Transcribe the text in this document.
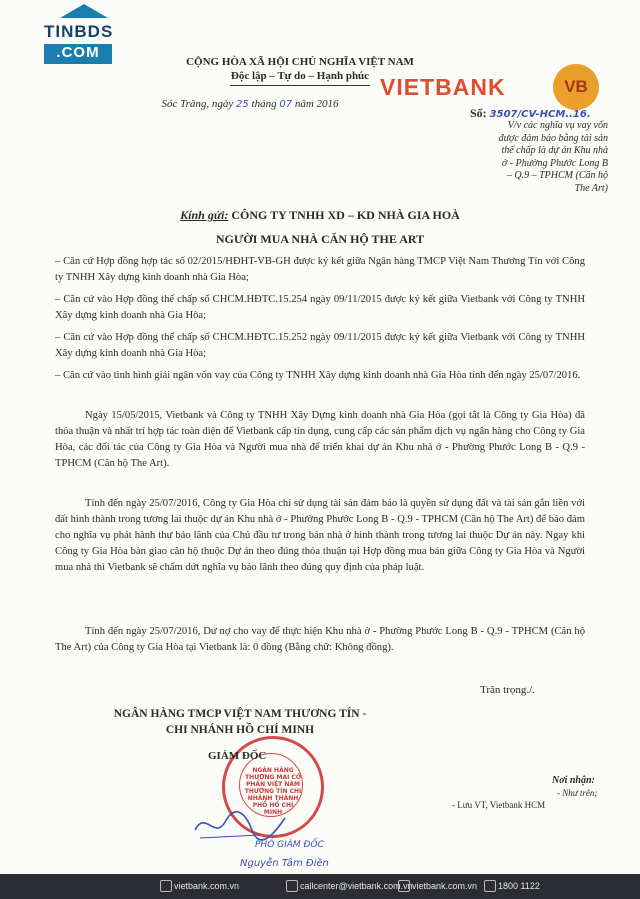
TINBDS
.COM
CỘNG HÒA XÃ HỘI CHỦ NGHĨA VIỆT NAM
Độc lập – Tự do – Hạnh phúc
Sóc Trăng, ngày 25 tháng 07 năm 2016
VIETBANK	VB
Số: 3507/CV-HCM..16.
V/v các nghĩa vụ vay vốn
được đảm bảo bằng tài sản
thế chấp là dự án Khu nhà
ở - Phường Phước Long B
– Q.9 – TPHCM (Căn hộ
The Art)
Kính gửi: CÔNG TY TNHH XD – KD NHÀ GIA HOÀ
NGƯỜI MUA NHÀ CĂN HỘ THE ART
– Căn cứ Hợp đồng hợp tác số 02/2015/HĐHT-VB-GH được ký kết giữa Ngân hàng TMCP Việt Nam Thương Tín với Công ty TNHH Xây dựng kinh doanh nhà Gia Hòa;
– Căn cứ vào Hợp đồng thế chấp số CHCM.HĐTC.15.254 ngày 09/11/2015 được ký kết giữa Vietbank với Công ty TNHH Xây dựng kinh doanh nhà Gia Hòa;
– Căn cứ vào Hợp đồng thế chấp số CHCM.HĐTC.15.252 ngày 09/11/2015 được ký kết giữa Vietbank với Công ty TNHH Xây dựng kinh doanh nhà Gia Hòa;
– Căn cứ vào tình hình giải ngân vốn vay của Công ty TNHH Xây dựng kinh doanh nhà Gia Hòa tính đến ngày 25/07/2016.
Ngày 15/05/2015, Vietbank và Công ty TNHH Xây Dựng kinh doanh nhà Gia Hòa (gọi tắt là Công ty Gia Hòa) đã thỏa thuận và nhất trí hợp tác toàn diện để Vietbank cấp tín dụng, cung cấp các sản phẩm dịch vụ ngân hàng cho Công ty Gia Hòa, các đối tác của Công ty Gia Hòa và Người mua nhà để triển khai dự án Khu nhà ở - Phường Phước Long B - Q.9 - TPHCM (Căn hộ The Art).
Tính đến ngày 25/07/2016, Công ty Gia Hòa chỉ sử dụng tài sản đảm bảo là quyền sử dụng đất và tài sản gắn liền với đất hình thành trong tương lai thuộc dự án Khu nhà ở - Phường Phước Long B - Q.9 - TPHCM (Căn hộ The Art) để bảo đảm cho nghĩa vụ phát hành thư bảo lãnh của Chủ đầu tư trong bán nhà ở hình thành trong tương lai thuộc Dự án này. Ngay khi Công ty Gia Hòa bàn giao căn hộ thuộc Dự án theo đúng thỏa thuận tại Hợp đồng mua bán giữa Công ty Gia Hòa và Người mua nhà thì Vietbank sẽ chấm dứt nghĩa vụ bảo lãnh theo đúng quy định của pháp luật.
Tính đến ngày 25/07/2016, Dư nợ cho vay để thực hiện Khu nhà ở - Phường Phước Long B - Q.9 - TPHCM (Căn hộ The Art) của Công ty Gia Hòa tại Vietbank là: 0 đồng (Bằng chữ: Không đồng).
Trân trọng./.
NGÂN HÀNG TMCP VIỆT NAM THƯƠNG TÍN -
CHI NHÁNH HỒ CHÍ MINH
NGÂN HÀNG THƯƠNG MẠI CỔ PHẦN VIỆT NAM THƯƠNG TÍN CHI NHÁNH THÀNH PHỐ HỒ CHÍ MINH
GIÁM ĐỐC
PHÓ GIÁM ĐỐC
Nguyễn Tâm Điền
Nơi nhận:
- Như trên;
- Lưu VT, Vietbank HCM
1800 1122
vietbank.com.vn
callcenter@vietbank.com.vn
vietbank.com.vn
